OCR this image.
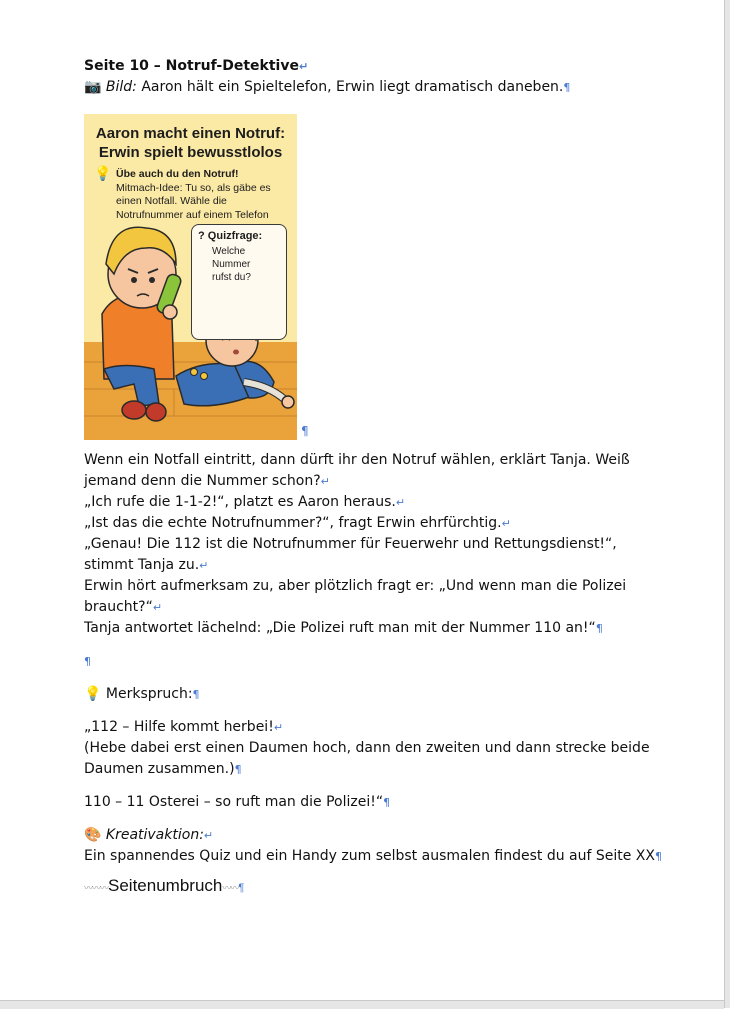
Seite 10 – Notruf-Detektive↵
📷 Bild: Aaron hält ein Spieltelefon, Erwin liegt dramatisch daneben.¶
Aaron macht einen Notruf:
Erwin spielt bewusstlolos
💡 Übe auch du den Notruf!
Mitmach-Idee: Tu so, als gäbe es
einen Notfall. Wähle die
Notrufnummer auf einem Telefon
? Quizfrage:
Welche Nummer
rufst du?
¶
Wenn ein Notfall eintritt, dann dürft ihr den Notruf wählen, erklärt Tanja. Weiß
jemand denn die Nummer schon?↵
„Ich rufe die 1-1-2!“, platzt es Aaron heraus.↵
„Ist das die echte Notrufnummer?“, fragt Erwin ehrfürchtig.↵
„Genau! Die 112 ist die Notrufnummer für Feuerwehr und Rettungsdienst!“,
stimmt Tanja zu.↵
Erwin hört aufmerksam zu, aber plötzlich fragt er: „Und wenn man die Polizei
braucht?“↵
Tanja antwortet lächelnd: „Die Polizei ruft man mit der Nummer 110 an!“¶
¶
💡 Merkspruch:¶
„112 – Hilfe kommt herbei!↵
(Hebe dabei erst einen Daumen hoch, dann den zweiten und dann strecke beide
Daumen zusammen.)¶
110 – 11 Osterei – so ruft man die Polizei!“¶
🎨 Kreativaktion:↵
Ein spannendes Quiz und ein Handy zum selbst ausmalen findest du auf Seite XX¶
〰〰〰Seitenumbruch〰〰¶
